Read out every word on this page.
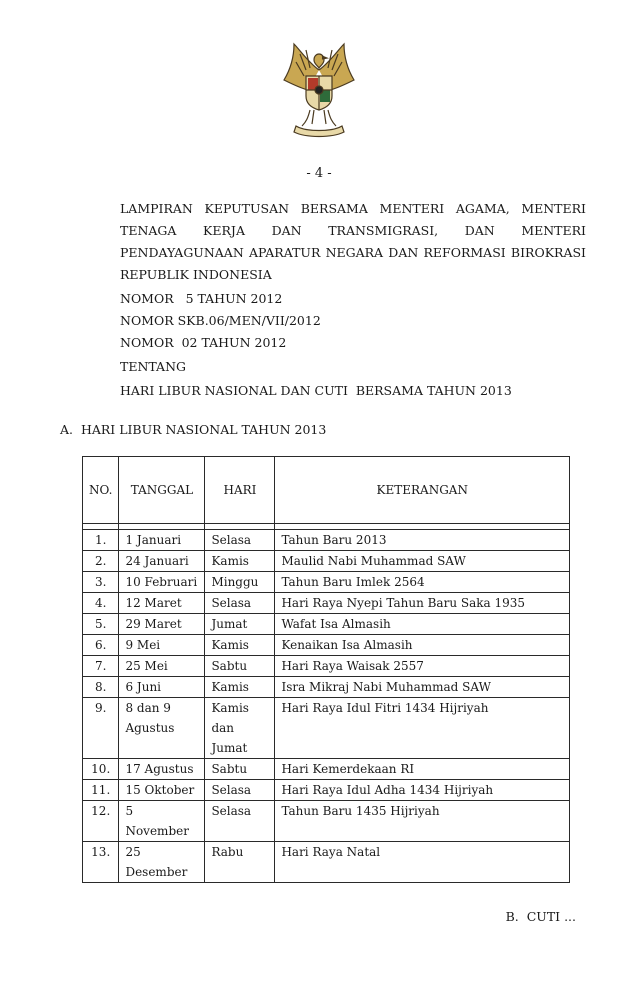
- 4 -
LAMPIRAN KEPUTUSAN BERSAMA MENTERI AGAMA, MENTERI
TENAGA KERJA DAN TRANSMIGRASI, DAN MENTERI
PENDAYAGUNAAN APARATUR NEGARA DAN REFORMASI BIROKRASI
REPUBLIK INDONESIA
NOMOR   5 TAHUN 2012
NOMOR SKB.06/MEN/VII/2012
NOMOR  02 TAHUN 2012
TENTANG
HARI LIBUR NASIONAL DAN CUTI  BERSAMA TAHUN 2013
A.  HARI LIBUR NASIONAL TAHUN 2013
NO.	TANGGAL	HARI	KETERANGAN

1.	1 Januari	Selasa	Tahun Baru 2013
2.	24 Januari	Kamis	Maulid Nabi Muhammad SAW
3.	10 Februari	Minggu	Tahun Baru Imlek 2564
4.	12 Maret	Selasa	Hari Raya Nyepi Tahun Baru Saka 1935
5.	29 Maret	Jumat	Wafat Isa Almasih
6.	9 Mei	Kamis	Kenaikan Isa Almasih
7.	25 Mei	Sabtu	Hari Raya Waisak 2557
8.	6 Juni	Kamis	Isra Mikraj Nabi Muhammad SAW
9.	8 dan 9 Agustus	Kamis dan Jumat	Hari Raya Idul Fitri 1434 Hijriyah
10.	17 Agustus	Sabtu	Hari Kemerdekaan RI
11.	15 Oktober	Selasa	Hari Raya Idul Adha 1434 Hijriyah
12.	5 November	Selasa	Tahun Baru 1435 Hijriyah
13.	25 Desember	Rabu	Hari Raya Natal
B.  CUTI ...
